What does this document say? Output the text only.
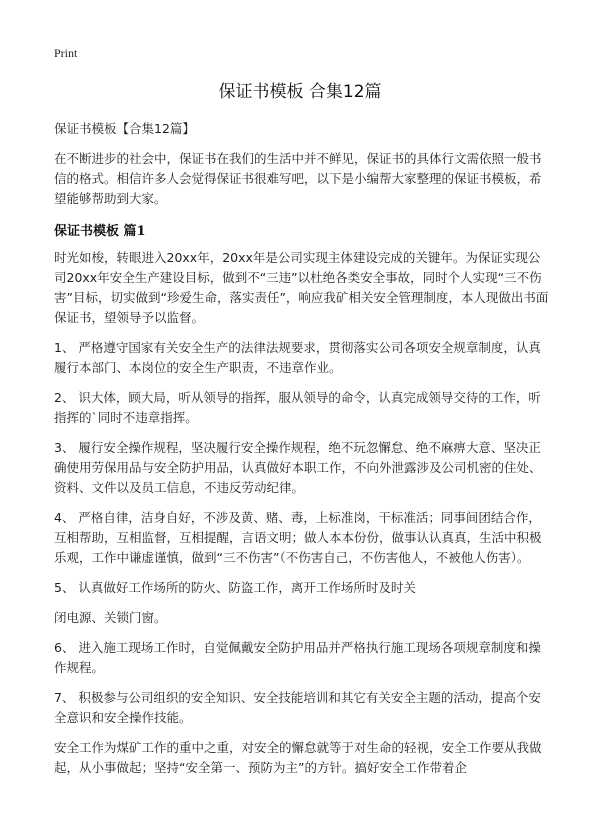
Print
保证书模板 合集12篇

保证书模板【合集12篇】

在不断进步的社会中，保证书在我们的生活中并不鲜见，保证书的具体行文需依照一般书信的格式。相信许多人会觉得保证书很难写吧，以下是小编帮大家整理的保证书模板，希望能够帮助到大家。

保证书模板 篇1

时光如梭，转眼进入20xx年，20xx年是公司实现主体建设完成的关键年。为保证实现公司20xx年安全生产建设目标，做到不“三违”以杜绝各类安全事故，同时个人实现“三不伤害”目标，切实做到“珍爱生命，落实责任”，响应我矿相关安全管理制度，本人现做出书面保证书，望领导予以监督。

1、 严格遵守国家有关安全生产的法律法规要求，贯彻落实公司各项安全规章制度，认真履行本部门、本岗位的安全生产职责，不违章作业。

2、 识大体，顾大局，听从领导的指挥，服从领导的命令，认真完成领导交待的工作，听指挥的`同时不违章指挥。

3、 履行安全操作规程，坚决履行安全操作规程，绝不玩忽懈怠、绝不麻痹大意、坚决正确使用劳保用品与安全防护用品，认真做好本职工作，不向外泄露涉及公司机密的住处、资料、文件以及员工信息，不违反劳动纪律。

4、 严格自律，洁身自好，不涉及黄、赌、毒，上标准岗，干标准活；同事间团结合作，互相帮助，互相监督，互相提醒，言语文明；做人本本份份，做事认认真真，生活中积极乐观，工作中谦虚谨慎，做到“三不伤害”（不伤害自己，不伤害他人，不被他人伤害）。

5、 认真做好工作场所的防火、防盗工作，离开工作场所时及时关

闭电源、关锁门窗。

6、 进入施工现场工作时，自觉佩戴安全防护用品并严格执行施工现场各项规章制度和操作规程。

7、 积极参与公司组织的安全知识、安全技能培训和其它有关安全主题的活动，提高个安全意识和安全操作技能。

安全工作为煤矿工作的重中之重，对安全的懈怠就等于对生命的轻视，安全工作要从我做起，从小事做起；坚持“安全第一、预防为主”的方针。搞好安全工作带着企
